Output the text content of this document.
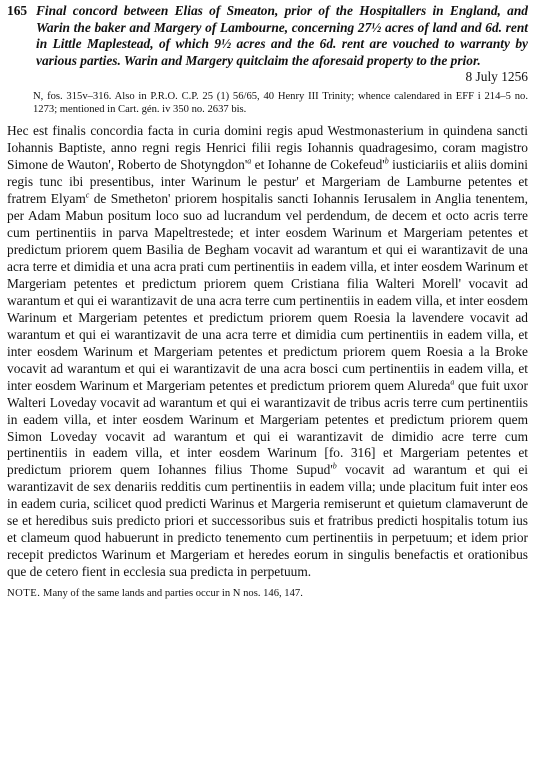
165 Final concord between Elias of Smeaton, prior of the Hospitallers in England, and Warin the baker and Margery of Lambourne, concerning 27½ acres of land and 6d. rent in Little Maplestead, of which 9½ acres and the 6d. rent are vouched to warranty by various parties. Warin and Margery quitclaim the aforesaid property to the prior.
8 July 1256
N, fos. 315v–316. Also in P.R.O. C.P. 25 (1) 56/65, 40 Henry III Trinity; whence calendared in EFF i 214–5 no. 1273; mentioned in Cart. gén. iv 350 no. 2637 bis.
Hec est finalis concordia facta in curia domini regis apud Westmonasterium in quindena sancti Iohannis Baptiste, anno regni regis Henrici filii regis Iohannis quadragesimo, coram magistro Simone de Wauton', Roberto de $Shotyngdon'^a$ et Iohanne de $Cokefeud'^b$ iusticiariis et aliis domini regis tunc ibi presentibus, inter Warinum le pestur' et Margeriam de Lamburne petentes et fratrem Elyam$^c$ de Smetheton' priorem hospitalis sancti Iohannis Ierusalem in Anglia tenentem, per Adam Mabun positum loco suo ad lucrandum vel perdendum, de decem et octo acris terre cum pertinentiis in parva Mapeltrestede; et inter eosdem Warinum et Margeriam petentes et predictum priorem quem Basilia de Begham vocavit ad warantum et qui ei warantizavit de una acra terre et dimidia et una acra prati cum pertinentiis in eadem villa, et inter eosdem Warinum et Margeriam petentes et predictum priorem quem Cristiana filia Walteri Morell' vocavit ad warantum et qui ei warantizavit de una acra terre cum pertinentiis in eadem villa, et inter eosdem Warinum et Margeriam petentes et predictum priorem quem Roesia la lavendere vocavit ad warantum et qui ei warantizavit de una acra terre et dimidia cum pertinentiis in eadem villa, et inter eosdem Warinum et Margeriam petentes et predictum priorem quem Roesia a la Broke vocavit ad warantum et qui ei warantizavit de una acra bosci cum pertinentiis in eadem villa, et inter eosdem Warinum et Margeriam petentes et predictum priorem quem Alureda$^a$ que fuit uxor Walteri Loveday vocavit ad warantum et qui ei warantizavit de tribus acris terre cum pertinentiis in eadem villa, et inter eosdem Warinum et Margeriam petentes et predictum priorem quem Simon Loveday vocavit ad warantum et qui ei warantizavit de dimidio acre terre cum pertinentiis in eadem villa, et inter eosdem Warinum [fo. 316] et Margeriam petentes et predictum priorem quem Iohannes filius Thome $Supud'^b$ vocavit ad warantum et qui ei warantizavit de sex denariis redditis cum pertinentiis in eadem villa; unde placitum fuit inter eos in eadem curia, scilicet quod predicti Warinus et Margeria remiserunt et quietum clamaverunt de se et heredibus suis predicto priori et successoribus suis et fratribus predicti hospitalis totum ius et clameum quod habuerunt in predicto tenemento cum pertinentiis in perpetuum; et idem prior recepit predictos Warinum et Margeriam et heredes eorum in singulis benefactis et orationibus que de cetero fient in ecclesia sua predicta in perpetuum.
NOTE. Many of the same lands and parties occur in N nos. 146, 147.
